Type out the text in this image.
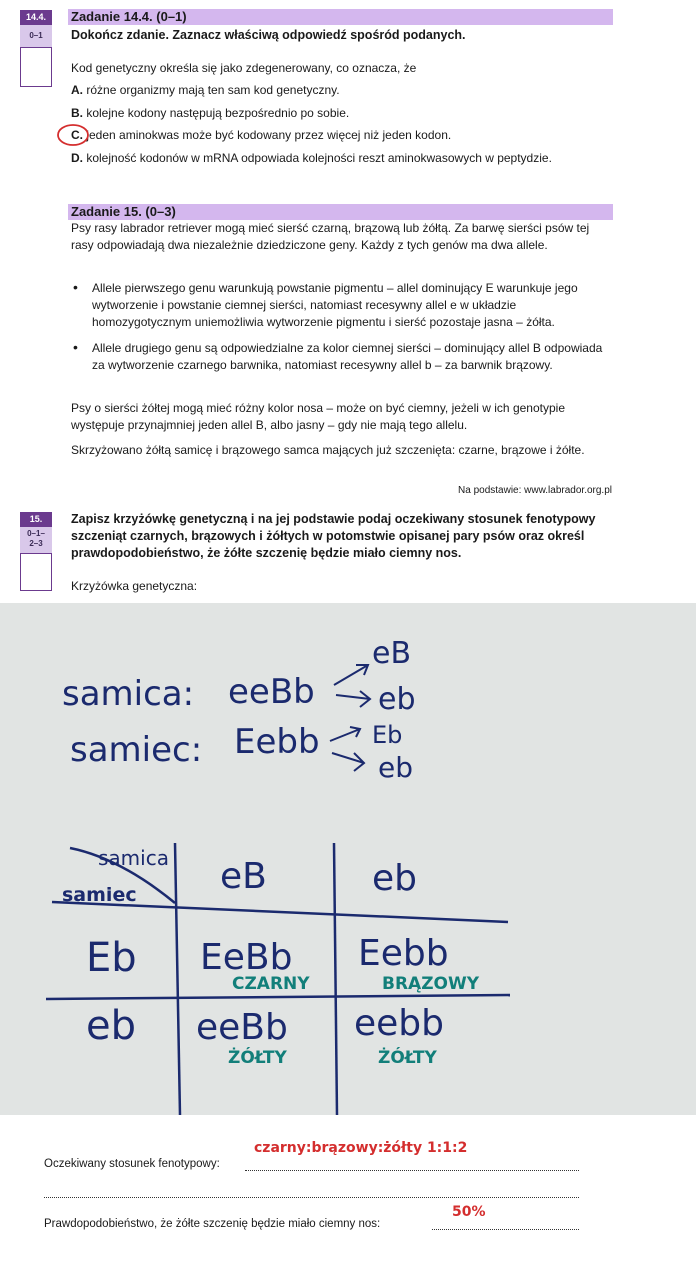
14.4.
0–1
Zadanie 14.4. (0–1)
Dokończ zdanie. Zaznacz właściwą odpowiedź spośród podanych.
Kod genetyczny określa się jako zdegenerowany, co oznacza, że
A. różne organizmy mają ten sam kod genetyczny.
B. kolejne kodony następują bezpośrednio po sobie.
C. jeden aminokwas może być kodowany przez więcej niż jeden kodon.
D. kolejność kodonów w mRNA odpowiada kolejności reszt aminokwasowych w peptydzie.
Zadanie 15. (0–3)
Psy rasy labrador retriever mogą mieć sierść czarną, brązową lub żółtą. Za barwę sierści psów tej rasy odpowiadają dwa niezależnie dziedziczone geny. Każdy z tych genów ma dwa allele.
• Allele pierwszego genu warunkują powstanie pigmentu – allel dominujący E warunkuje jego wytworzenie i powstanie ciemnej sierści, natomiast recesywny allel e w układzie homozygotycznym uniemożliwia wytworzenie pigmentu i sierść pozostaje jasna – żółta.
• Allele drugiego genu są odpowiedzialne za kolor ciemnej sierści – dominujący allel B odpowiada za wytworzenie czarnego barwnika, natomiast recesywny allel b – za barwnik brązowy.
Psy o sierści żółtej mogą mieć różny kolor nosa – może on być ciemny, jeżeli w ich genotypie występuje przynajmniej jeden allel B, albo jasny – gdy nie mają tego allelu.
Skrzyżowano żółtą samicę i brązowego samca mających już szczenięta: czarne, brązowe i żółte.
Na podstawie: www.labrador.org.pl
15.
0–1–
2–3
Zapisz krzyżówkę genetyczną i na jej podstawie podaj oczekiwany stosunek fenotypowy szczeniąt czarnych, brązowych i żółtych w potomstwie opisanej pary psów oraz określ prawdopodobieństwo, że żółte szczenię będzie miało ciemny nos.
Krzyżówka genetyczna:
samica: eeBb
eB
eb
samiec: Eebb Eb
eb
samica
samiec eB	eb
Eb EeBb
CZARNY
Eebb
BRĄZOWY
eb eeBb
ŻÓŁTY
eebb
ŻÓŁTY
czarny:brązowy:żółty 1:1:2
Oczekiwany stosunek fenotypowy:
50%
Prawdopodobieństwo, że żółte szczenię będzie miało ciemny nos:
